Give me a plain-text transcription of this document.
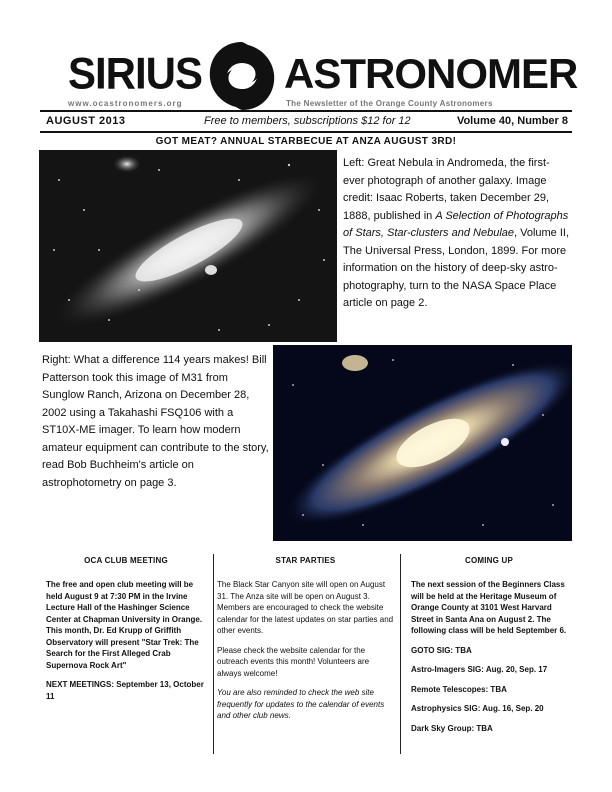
SIRIUS ASTRONOMER
www.ocastronomers.org	The Newsletter of the Orange County Astronomers
AUGUST 2013	Free to members, subscriptions $12 for 12	Volume 40, Number 8
GOT MEAT? ANNUAL STARBECUE AT ANZA AUGUST 3RD!
Left: Great Nebula in Andromeda, the first-ever photograph of another galaxy. Image credit: Isaac Roberts, taken December 29, 1888, published in A Selection of Photographs of Stars, Star-clusters and Nebulae, Volume II, The Universal Press, London, 1899. For more information on the history of deep-sky astro-photography, turn to the NASA Space Place article on page 2.
Right: What a difference 114 years makes! Bill Patterson took this image of M31 from Sunglow Ranch, Arizona on December 28, 2002 using a Takahashi FSQ106 with a ST10X-ME imager. To learn how modern amateur equipment can contribute to the story, read Bob Buchheim's article on astrophotometry on page 3.
OCA CLUB MEETING

The free and open club meeting will be held August 9 at 7:30 PM in the Irvine Lecture Hall of the Hashinger Science Center at Chapman University in Orange. This month, Dr. Ed Krupp of Griffith Observatory will present "Star Trek: The Search for the First Alleged Crab Supernova Rock Art"

NEXT MEETINGS: September 13, October 11

STAR PARTIES

The Black Star Canyon site will open on August 31. The Anza site will be open on August 3. Members are encouraged to check the website calendar for the latest updates on star parties and other events.

Please check the website calendar for the outreach events this month! Volunteers are always welcome!

You are also reminded to check the web site frequently for updates to the calendar of events and other club news.

COMING UP

The next session of the Beginners Class will be held at the Heritage Museum of Orange County at 3101 West Harvard Street in Santa Ana on August 2. The following class will be held September 6.

GOTO SIG: TBA

Astro-Imagers SIG: Aug. 20, Sep. 17

Remote Telescopes: TBA

Astrophysics SIG: Aug. 16, Sep. 20

Dark Sky Group: TBA
